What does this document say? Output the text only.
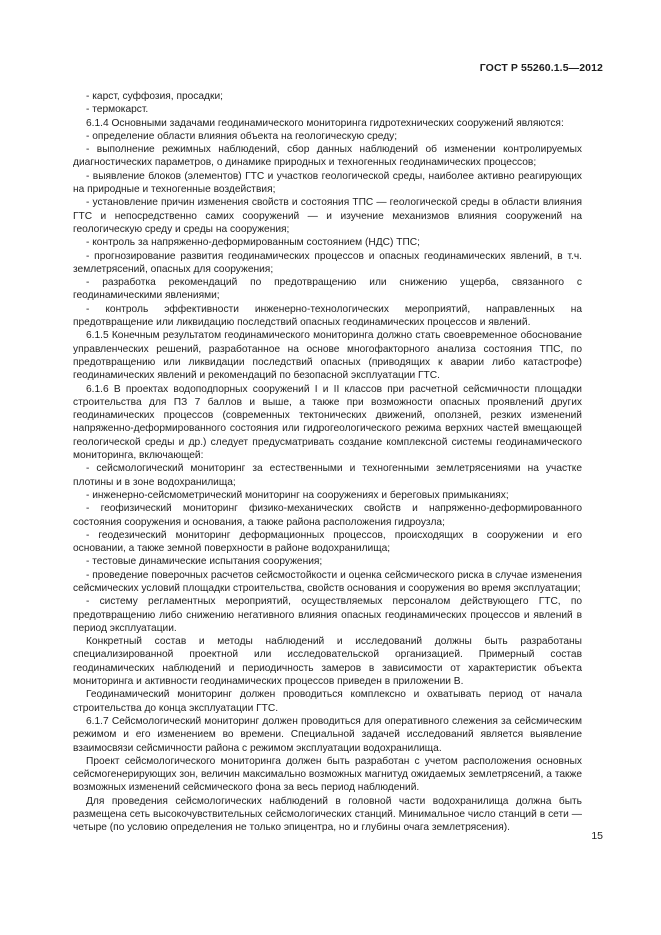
ГОСТ Р 55260.1.5—2012

- карст, суффозия, просадки;

- термокарст.

6.1.4 Основными задачами геодинамического мониторинга гидротехнических сооружений являются:

- определение области влияния объекта на геологическую среду;

- выполнение режимных наблюдений, сбор данных наблюдений об изменении контролируемых диагностических параметров, о динамике природных и техногенных геодинамических процессов;

- выявление блоков (элементов) ГТС и участков геологической среды, наиболее активно реагирующих на природные и техногенные воздействия;

- установление причин изменения свойств и состояния ТПС — геологической среды в области влияния ГТС и непосредственно самих сооружений — и изучение механизмов влияния сооружений на геологическую среду и среды на сооружения;

- контроль за напряженно-деформированным состоянием (НДС) ТПС;

- прогнозирование развития геодинамических процессов и опасных геодинамических явлений, в т.ч. землетрясений, опасных для сооружения;

- разработка рекомендаций по предотвращению или снижению ущерба, связанного с геодинамическими явлениями;

- контроль эффективности инженерно-технологических мероприятий, направленных на предотвращение или ликвидацию последствий опасных геодинамических процессов и явлений.

6.1.5 Конечным результатом геодинамического мониторинга должно стать своевременное обоснование управленческих решений, разработанное на основе многофакторного анализа состояния ТПС, по предотвращению или ликвидации последствий опасных (приводящих к аварии либо катастрофе) геодинамических явлений и рекомендаций по безопасной эксплуатации ГТС.

6.1.6 В проектах водоподпорных сооружений I и II классов при расчетной сейсмичности площадки строительства для ПЗ 7 баллов и выше, а также при возможности опасных проявлений других геодинамических процессов (современных тектонических движений, оползней, резких изменений напряженно-деформированного состояния или гидрогеологического режима верхних частей вмещающей геологической среды и др.) следует предусматривать создание комплексной системы геодинамического мониторинга, включающей:

- сейсмологический мониторинг за естественными и техногенными землетрясениями на участке плотины и в зоне водохранилища;

- инженерно-сейсмометрический мониторинг на сооружениях и береговых примыканиях;

- геофизический мониторинг физико-механических свойств и напряженно-деформированного состояния сооружения и основания, а также района расположения гидроузла;

- геодезический мониторинг деформационных процессов, происходящих в сооружении и его основании, а также земной поверхности в районе водохранилища;

- тестовые динамические испытания сооружения;

- проведение поверочных расчетов сейсмостойкости и оценка сейсмического риска в случае изменения сейсмических условий площадки строительства, свойств основания и сооружения во время эксплуатации;

- систему регламентных мероприятий, осуществляемых персоналом действующего ГТС, по предотвращению либо снижению негативного влияния опасных геодинамических процессов и явлений в период эксплуатации.

Конкретный состав и методы наблюдений и исследований должны быть разработаны специализированной проектной или исследовательской организацией. Примерный состав геодинамических наблюдений и периодичность замеров в зависимости от характеристик объекта мониторинга и активности геодинамических процессов приведен в приложении В.

Геодинамический мониторинг должен проводиться комплексно и охватывать период от начала строительства до конца эксплуатации ГТС.

6.1.7 Сейсмологический мониторинг должен проводиться для оперативного слежения за сейсмическим режимом и его изменением во времени. Специальной задачей исследований является выявление взаимосвязи сейсмичности района с режимом эксплуатации водохранилища.

Проект сейсмологического мониторинга должен быть разработан с учетом расположения основных сейсмогенерирующих зон, величин максимально возможных магнитуд ожидаемых землетрясений, а также возможных изменений сейсмического фона за весь период наблюдений.

Для проведения сейсмологических наблюдений в головной части водохранилища должна быть размещена сеть высокочувствительных сейсмологических станций. Минимальное число станций в сети — четыре (по условию определения не только эпицентра, но и глубины очага землетрясения).

15
